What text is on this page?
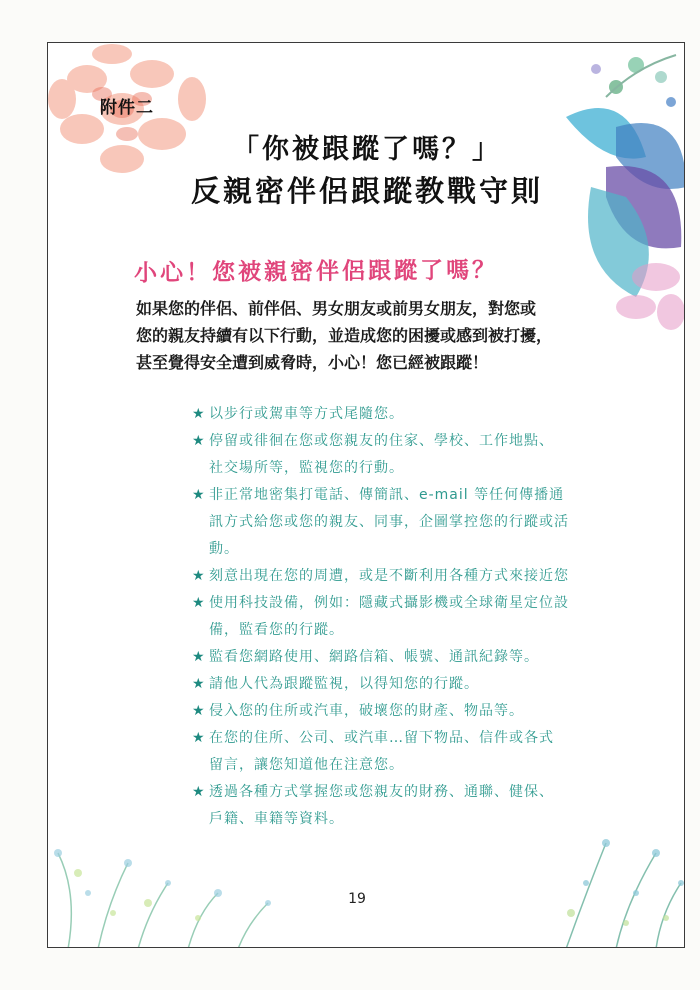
附件二
「你被跟蹤了嗎？」
反親密伴侶跟蹤教戰守則
小心！您被親密伴侶跟蹤了嗎？
如果您的伴侶、前伴侶、男女朋友或前男女朋友，對您或
您的親友持續有以下行動，並造成您的困擾或感到被打擾，
甚至覺得安全遭到威脅時，小心！您已經被跟蹤！
★ 以步行或駕車等方式尾隨您。
★ 停留或徘徊在您或您親友的住家、學校、工作地點、
社交場所等，監視您的行動。
★ 非正常地密集打電話、傳簡訊、e-mail 等任何傳播通
訊方式給您或您的親友、同事，企圖掌控您的行蹤或活
動。
★ 刻意出現在您的周遭，或是不斷利用各種方式來接近您
★ 使用科技設備，例如：隱藏式攝影機或全球衛星定位設
備，監看您的行蹤。
★ 監看您網路使用、網路信箱、帳號、通訊紀錄等。
★ 請他人代為跟蹤監視，以得知您的行蹤。
★ 侵入您的住所或汽車，破壞您的財產、物品等。
★ 在您的住所、公司、或汽車…留下物品、信件或各式
留言，讓您知道他在注意您。
★ 透過各種方式掌握您或您親友的財務、通聯、健保、
戶籍、車籍等資料。
19
